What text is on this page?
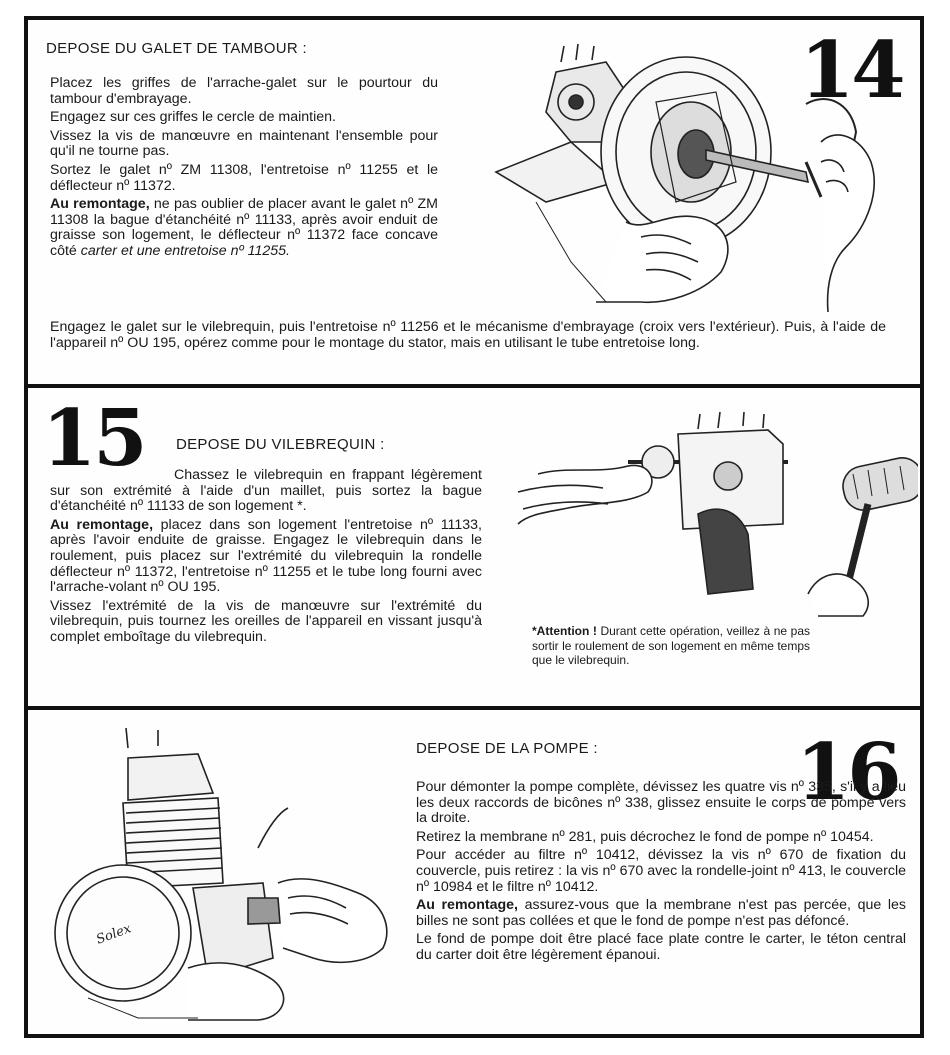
DEPOSE DU GALET DE TAMBOUR :	14

Placez les griffes de l'arrache-galet sur le pourtour du tambour d'embrayage.

Engagez sur ces griffes le cercle de maintien.

Vissez la vis de manœuvre en maintenant l'ensemble pour qu'il ne tourne pas.

Sortez le galet nº ZM 11308, l'entretoise nº 11255 et le déflecteur nº 11372.

Au remontage, ne pas oublier de placer avant le galet nº ZM 11308 la bague d'étanchéité nº 11133, après avoir enduit de graisse son logement, le déflecteur nº 11372 face concave côté carter et une entretoise nº 11255.

Engagez le galet sur le vilebrequin, puis l'entretoise nº 11256 et le mécanisme d'embrayage (croix vers l'extérieur). Puis, à l'aide de l'appareil nº OU 195, opérez comme pour le montage du stator, mais en utilisant le tube entretoise long.
15 DEPOSE DU VILEBREQUIN :

Chassez le vilebrequin en frappant légèrement sur son extrémité à l'aide d'un maillet, puis sortez la bague d'étanchéité nº 11133 de son logement *.

Au remontage, placez dans son logement l'entretoise nº 11133, après l'avoir enduite de graisse. Engagez le vilebrequin dans le roulement, puis placez sur l'extrémité du vilebrequin la rondelle déflecteur nº 11372, l'entretoise nº 11255 et le tube long fourni avec l'arrache-volant nº OU 195.

Vissez l'extrémité de la vis de manœuvre sur l'extrémité du vilebrequin, puis tournez les oreilles de l'appareil en vissant jusqu'à complet emboîtage du vilebrequin.	*Attention ! Durant cette opération, veillez à ne pas sortir le roulement de son logement en même temps que le vilebrequin.
DEPOSE DE LA POMPE :	16

Pour démonter la pompe complète, dévissez les quatre vis nº 335, s'il y a lieu les deux raccords de bicônes nº 338, glissez ensuite le corps de pompe vers la droite.

Retirez la membrane nº 281, puis décrochez le fond de pompe nº 10454.

Pour accéder au filtre nº 10412, dévissez la vis nº 670 de fixation du couvercle, puis retirez : la vis nº 670 avec la rondelle-joint nº 413, le couvercle nº 10984 et le filtre nº 10412.

Au remontage, assurez-vous que la membrane n'est pas percée, que les billes ne sont pas collées et que le fond de pompe n'est pas défoncé.

Le fond de pompe doit être placé face plate contre le carter, le téton central du carter doit être légèrement épanoui.

Solex
